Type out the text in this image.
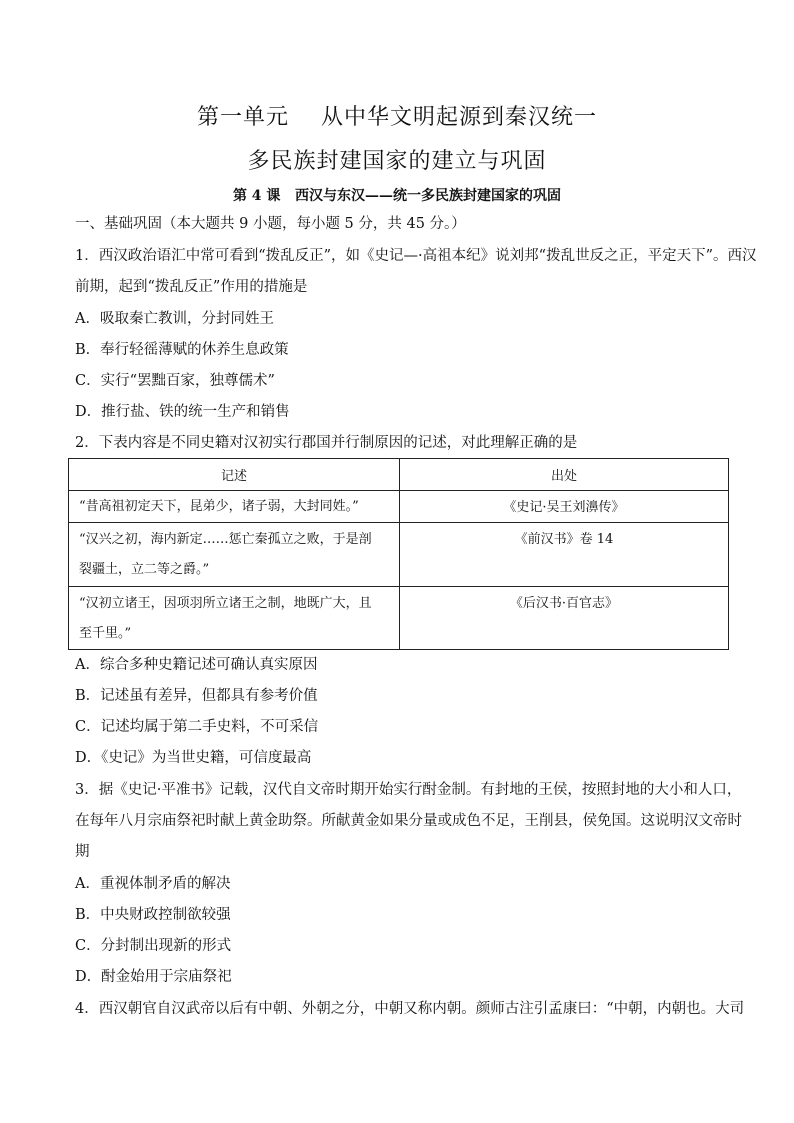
第一单元    从中华文明起源到秦汉统一
多民族封建国家的建立与巩固
第 4 课   西汉与东汉——统一多民族封建国家的巩固
一、基础巩固（本大题共 9 小题，每小题 5 分，共 45 分。）
1．西汉政治语汇中常可看到“拨乱反正”，如《史记—·高祖本纪》说刘邦“拨乱世反之正，平定天下”。西汉
前期，起到“拨乱反正”作用的措施是
A．吸取秦亡教训，分封同姓王
B．奉行轻徭薄赋的休养生息政策
C．实行“罢黜百家，独尊儒术”
D．推行盐、铁的统一生产和销售
2．下表内容是不同史籍对汉初实行郡国并行制原因的记述，对此理解正确的是
记述	出处

“昔高祖初定天下，昆弟少，诸子弱，大封同姓。”	《史记·吴王刘濞传》

“汉兴之初，海内新定……惩亡秦孤立之败，于是剖
裂疆土，立二等之爵。”	《前汉书》卷 14

“汉初立诸王，因项羽所立诸王之制，地既广大，且
至千里。”	《后汉书·百官志》
A．综合多种史籍记述可确认真实原因
B．记述虽有差异，但都具有参考价值
C．记述均属于第二手史料，不可采信
D．《史记》为当世史籍，可信度最高
3．据《史记·平准书》记载，汉代自文帝时期开始实行酎金制。有封地的王侯，按照封地的大小和人口，
在每年八月宗庙祭祀时献上黄金助祭。所献黄金如果分量或成色不足，王削县，侯免国。这说明汉文帝时
期
A．重视体制矛盾的解决
B．中央财政控制欲较强
C．分封制出现新的形式
D．酎金始用于宗庙祭祀
4．西汉朝官自汉武帝以后有中朝、外朝之分，中朝又称内朝。颜师古注引孟康曰：“中朝，内朝也。大司
